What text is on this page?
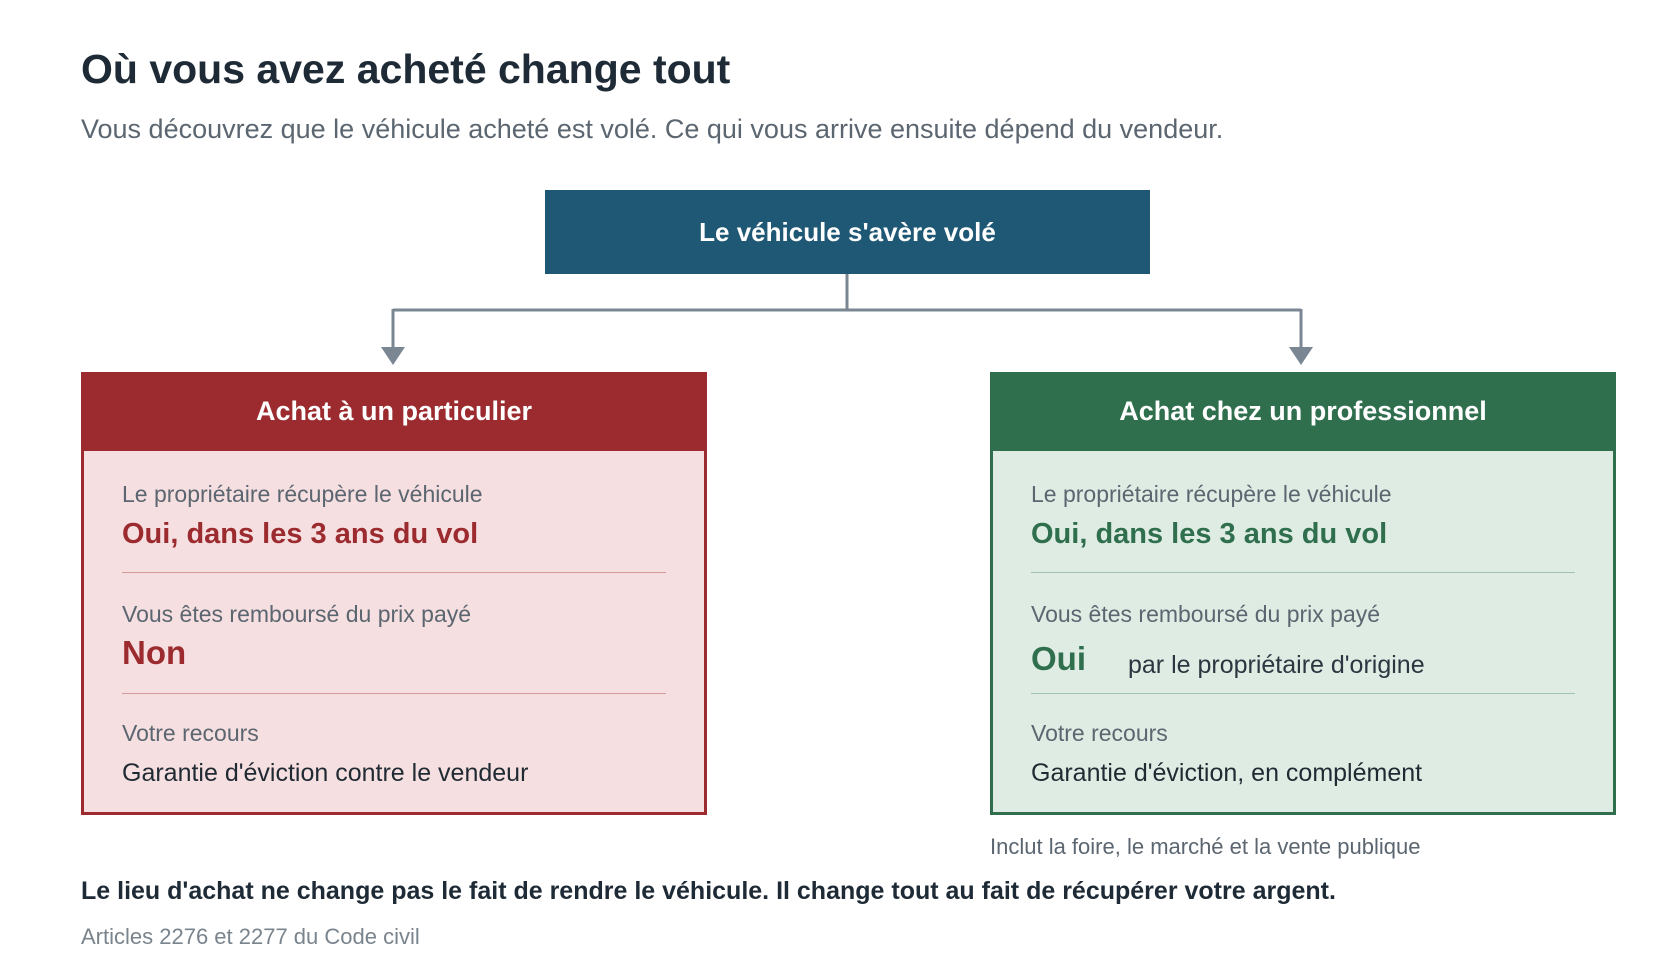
Où vous avez acheté change tout

Vous découvrez que le véhicule acheté est volé. Ce qui vous arrive ensuite dépend du vendeur.

Le véhicule s'avère volé
Achat à un particulier
Le propriétaire récupère le véhicule
Oui, dans les 3 ans du vol
Vous êtes remboursé du prix payé
Non
Votre recours
Garantie d'éviction contre le vendeur
Achat chez un professionnel
Le propriétaire récupère le véhicule
Oui, dans les 3 ans du vol
Vous êtes remboursé du prix payé
Oui par le propriétaire d'origine
Votre recours
Garantie d'éviction, en complément
Inclut la foire, le marché et la vente publique
Le lieu d'achat ne change pas le fait de rendre le véhicule. Il change tout au fait de récupérer votre argent.
Articles 2276 et 2277 du Code civil
